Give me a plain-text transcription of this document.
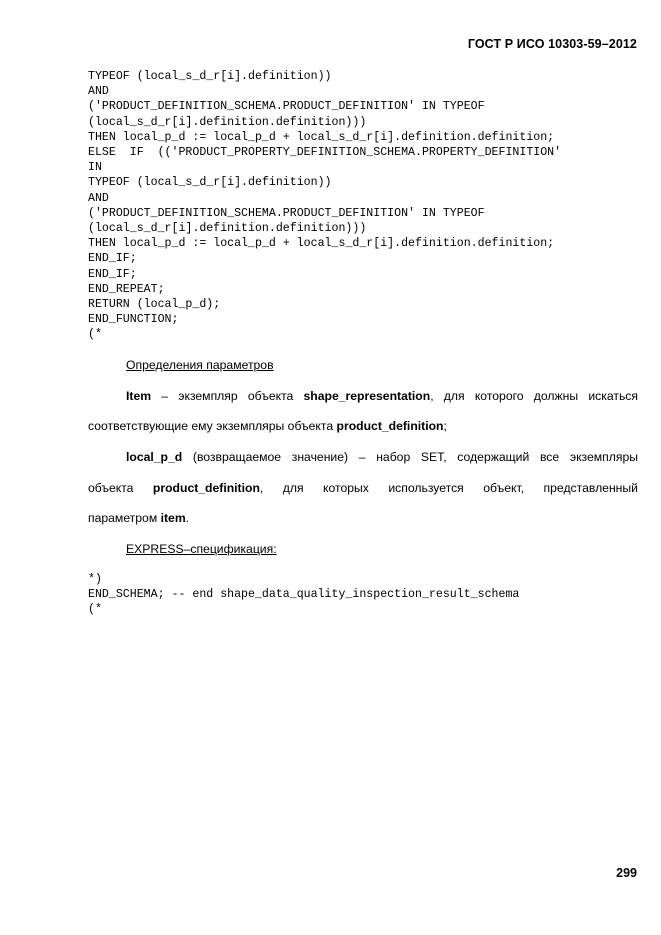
ГОСТ Р ИСО 10303-59–2012
TYPEOF (local_s_d_r[i].definition))
AND
('PRODUCT_DEFINITION_SCHEMA.PRODUCT_DEFINITION' IN TYPEOF
(local_s_d_r[i].definition.definition)))
THEN local_p_d := local_p_d + local_s_d_r[i].definition.definition;
ELSE  IF  (('PRODUCT_PROPERTY_DEFINITION_SCHEMA.PROPERTY_DEFINITION'
IN
TYPEOF (local_s_d_r[i].definition))
AND
('PRODUCT_DEFINITION_SCHEMA.PRODUCT_DEFINITION' IN TYPEOF
(local_s_d_r[i].definition.definition)))
THEN local_p_d := local_p_d + local_s_d_r[i].definition.definition;
END_IF;
END_IF;
END_REPEAT;
RETURN (local_p_d);
END_FUNCTION;
(*

Определения параметров

Item – экземпляр объекта shape_representation, для которого должны искаться

соответствующие ему экземпляры объекта product_definition;

local_p_d (возвращаемое значение) – набор SET, содержащий все экземпляры

объекта product_definition, для которых используется объект, представленный

параметром item.

EXPRESS–спецификация:

*)
END_SCHEMA; -- end shape_data_quality_inspection_result_schema
(*
299
